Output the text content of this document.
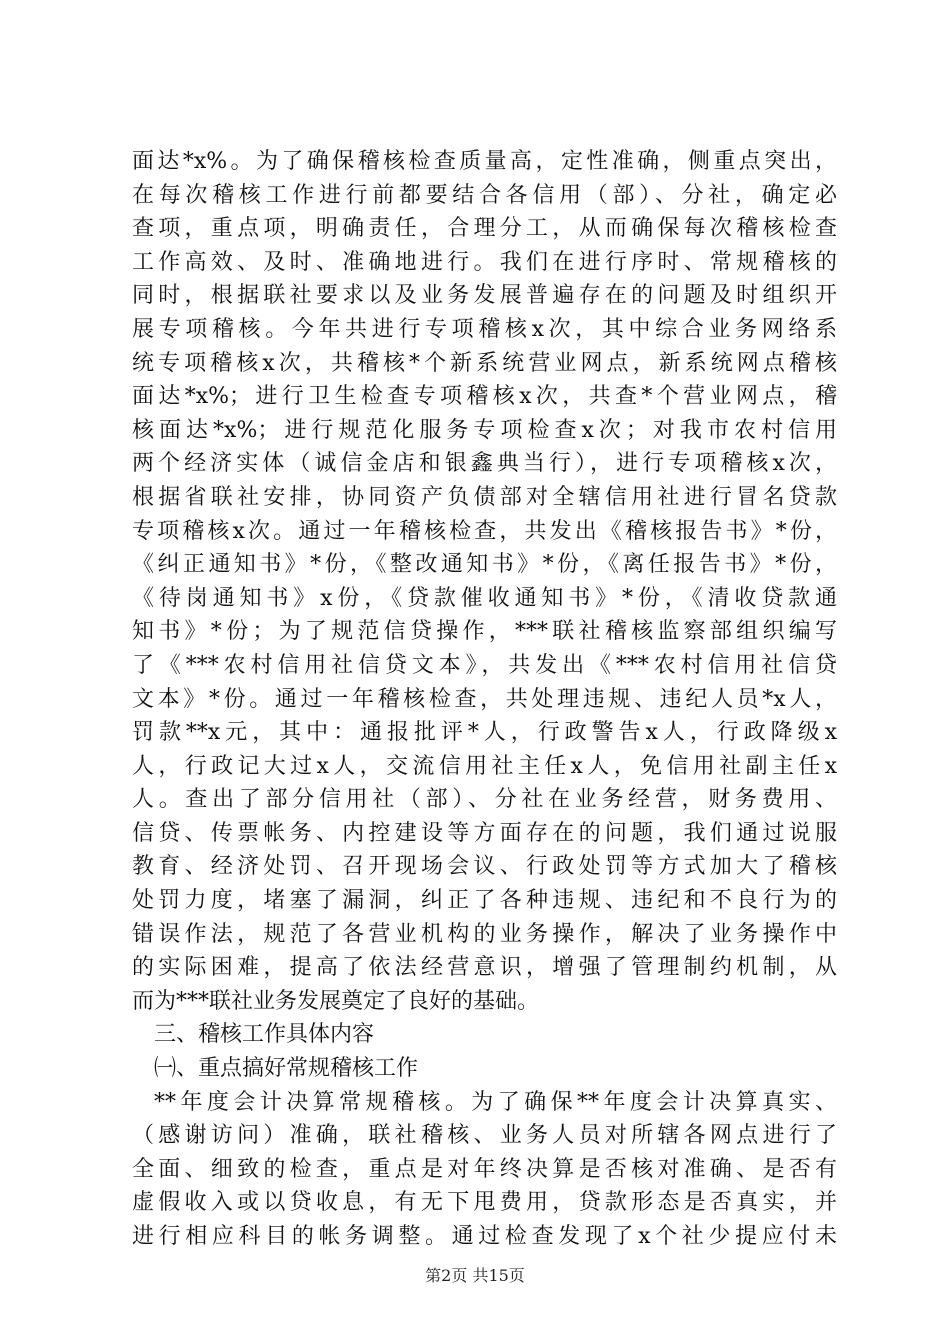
面达*x%。为了确保稽核检查质量高，定性准确，侧重点突出，
在每次稽核工作进行前都要结合各信用（部）、分社，确定必
查项，重点项，明确责任，合理分工，从而确保每次稽核检查
工作高效、及时、准确地进行。我们在进行序时、常规稽核的
同时，根据联社要求以及业务发展普遍存在的问题及时组织开
展专项稽核。今年共进行专项稽核x次，其中综合业务网络系
统专项稽核x次，共稽核*个新系统营业网点，新系统网点稽核
面达*x%；进行卫生检查专项稽核x次，共查*个营业网点，稽
核面达*x%；进行规范化服务专项检查x次；对我市农村信用
两个经济实体（诚信金店和银鑫典当行），进行专项稽核x次，
根据省联社安排，协同资产负债部对全辖信用社进行冒名贷款
专项稽核x次。通过一年稽核检查，共发出《稽核报告书》*份，
《纠正通知书》*份，《整改通知书》*份，《离任报告书》*份，
《待岗通知书》x份，《贷款催收通知书》*份，《清收贷款通
知书》*份；为了规范信贷操作，***联社稽核监察部组织编写
了《***农村信用社信贷文本》，共发出《***农村信用社信贷
文本》*份。通过一年稽核检查，共处理违规、违纪人员*x人，
罚款**x元，其中：通报批评*人，行政警告x人，行政降级x
人，行政记大过x人，交流信用社主任x人，免信用社副主任x
人。查出了部分信用社（部）、分社在业务经营，财务费用、
信贷、传票帐务、内控建设等方面存在的问题，我们通过说服
教育、经济处罚、召开现场会议、行政处罚等方式加大了稽核
处罚力度，堵塞了漏洞，纠正了各种违规、违纪和不良行为的
错误作法，规范了各营业机构的业务操作，解决了业务操作中
的实际困难，提高了依法经营意识，增强了管理制约机制，从
而为***联社业务发展奠定了良好的基础。
三、稽核工作具体内容
㈠、重点搞好常规稽核工作
**年度会计决算常规稽核。为了确保**年度会计决算真实、
（感谢访问）准确，联社稽核、业务人员对所辖各网点进行了
全面、细致的检查，重点是对年终决算是否核对准确、是否有
虚假收入或以贷收息，有无下甩费用，贷款形态是否真实，并
进行相应科目的帐务调整。通过检查发现了x个社少提应付未
第2页 共15页
